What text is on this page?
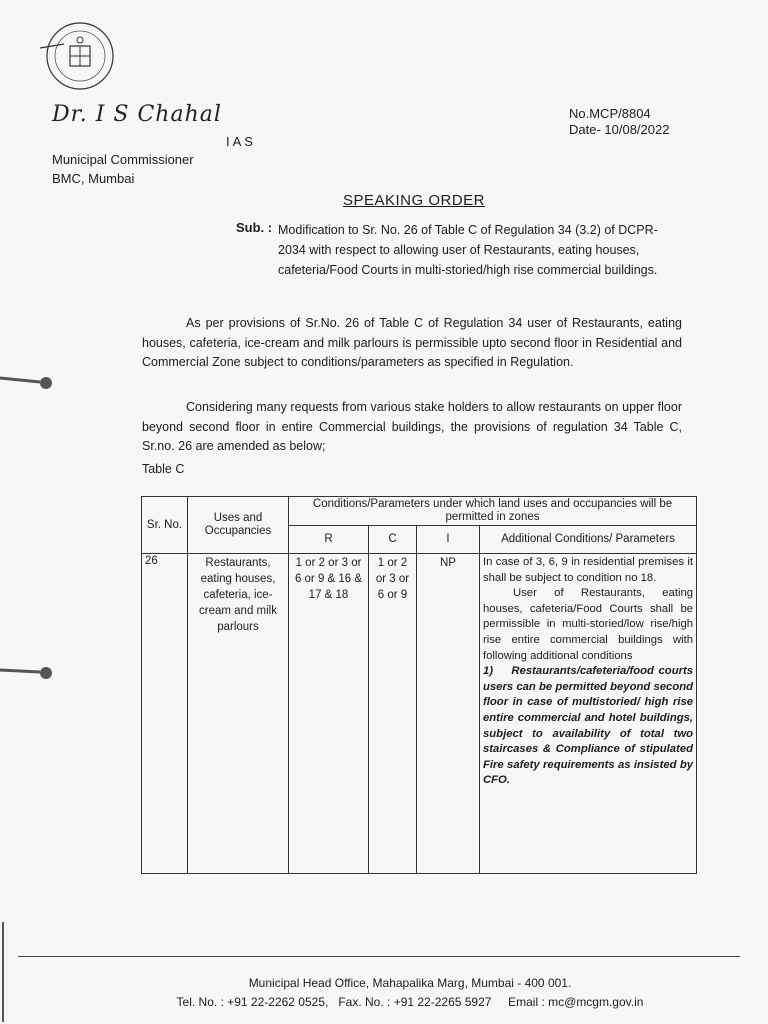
Dr. I S Chahal
IAS
Municipal Commissioner
BMC, Mumbai
No.MCP/8804
Date- 10/08/2022
SPEAKING ORDER
Sub. : Modification to Sr. No. 26 of Table C of Regulation 34 (3.2) of DCPR-
2034 with respect to allowing user of Restaurants, eating houses,
cafeteria/Food Courts in multi-storied/high rise commercial buildings.
As per provisions of Sr.No. 26 of Table C of Regulation 34 user of Restaurants, eating houses, cafeteria, ice-cream and milk parlours is permissible upto second floor in Residential and Commercial Zone subject to conditions/parameters as specified in Regulation.
Considering many requests from various stake holders to allow restaurants on upper floor beyond second floor in entire Commercial buildings, the provisions of regulation 34 Table C, Sr.no. 26 are amended as below;
Table C
Sr. No.	Uses and Occupancies	Conditions/Parameters under which land uses and occupancies will be permitted in zones			
		R	C	I	Additional Conditions/ Parameters
26	Restaurants, eating houses, cafeteria, ice-cream and milk parlours	1 or 2 or 3 or 6 or 9 & 16 & 17 & 18	1 or 2 or 3 or 6 or 9	NP	In case of 3, 6, 9 in residential premises it shall be subject to condition no 18.
User of Restaurants, eating houses, cafeteria/Food Courts shall be permissible in multi-storied/low rise/high rise entire commercial buildings with following additional conditions
1) Restaurants/cafeteria/food courts users can be permitted beyond second floor in case of multistoried/ high rise entire commercial and hotel buildings, subject to availability of total two staircases & Compliance of stipulated Fire safety requirements as insisted by CFO.
Municipal Head Office, Mahapalika Marg, Mumbai - 400 001.
Tel. No. : +91 22-2262 0525, Fax. No. : +91 22-2265 5927 Email : mc@mcgm.gov.in
